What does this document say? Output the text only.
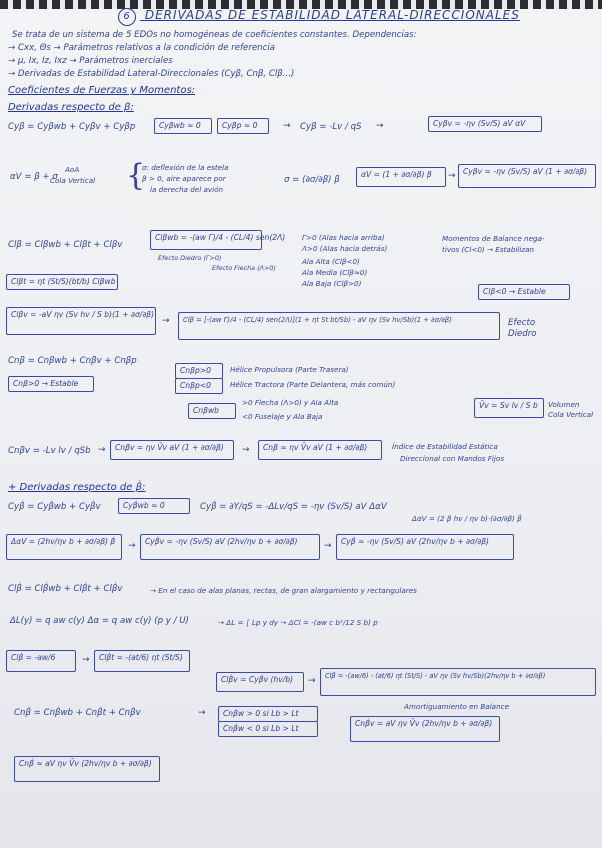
6 DERIVADAS DE ESTABILIDAD LATERAL-DIRECCIONALES
Se trata de un sistema de 5 EDOs no homogéneas de coeficientes constantes. Dependencias:
→ Cxx, Θs → Parámetros relativos a la condición de referencia
→ μ, Ix, Iz, Ixz → Parámetros inerciales
→ Derivadas de Estabilidad Lateral-Direccionales (Cyβ, Cnβ, Clβ...)
Coeficientes de Fuerzas y Momentos:
Derivadas respecto de β:
Cyβ = Cyβwb + Cyβv + Cyβp	Cyβwb ≈ 0	Cyβp ≈ 0	→ Cyβ = -Lv / qS →	Cyβv = -ηv (Sv/S) aV αV
αV = β + σ
AoA
Cola Vertical {
σ: deflexión de la estela
β > 0, aire aparece por
la derecha del avión
σ = (∂σ/∂β) β
αV = (1 + ∂σ/∂β) β	→ Cyβv = -ηv (Sv/S) aV (1 + ∂σ/∂β)
Clβ = Clβwb + Clβt + Clβv
Clβwb = -(aw Γ)/4 - (CL/4) sen(2Λ)
Efecto Diedro (Γ>0)
Efecto Flecha (Λ>0)
Γ>0 (Alas hacia arriba)
Λ>0 (Alas hacia detrás)
Ala Alta (Clβ<0)
Ala Media (Clβ≈0)
Ala Baja (Clβ>0)
Momentos de Balance nega-
tivos (Cl<0) → Estabilizan
Clβ<0 → Estable
Clβt = ηt (St/S)(bt/b) Clβwb
Clβv = -aV ηv (Sv hv / S b)(1 + ∂σ/∂β)
→	Clβ = [-(aw Γ)/4 - (CL/4) sen(2Λ)](1 + ηt St bt/Sb) - aV ηv (Sv hv/Sb)(1 + ∂σ/∂β)	Efecto Diedro
Cnβ = Cnβwb + Cnβv + Cnβp
Cnβ>0 → Estable
Cnβp>0
Cnβp<0
Hélice Propulsora (Parte Trasera)
Hélice Tractora (Parte Delantera, más común)
Cnβwb
>0 Flecha (Λ>0) y Ala Alta
<0 Fuselaje y Ala Baja
V̄v = Sv lv / S b	Volumen
Cola Vertical
Cnβv = -Lv lv / qSb →	Cnβv = ηv V̄v aV (1 + ∂σ/∂β)	→	Cnβ ≈ ηv V̄v aV (1 + ∂σ/∂β)	Índice de Estabilidad Estática
Direccional con Mandos Fijos
+ Derivadas respecto de β̇:
Cyβ̇ = Cyβ̇wb + Cyβ̇v	Cyβ̇wb ≈ 0	Cyβ̇ = ∂Y/qS = -ΔLv/qS = -ηv (Sv/S) aV ΔαV
ΔαV = (2 β hv / ηv b)·(∂σ/∂β) β̇
ΔαV = (2hv/ηv b + ∂σ/∂β) β̇	→	Cyβ̇v = -ηv (Sv/S) aV (2hv/ηv b + ∂σ/∂β)	→	Cyβ̇ ≈ -ηv (Sv/S) aV (2hv/ηv b + ∂σ/∂β)
Clβ̇ = Clβ̇wb + Clβ̇t + Clβ̇v	→ En el caso de alas planas, rectas, de gran alargamiento y rectangulares
ΔL(y) = q aw c(y) Δα = q aw c(y) (p y / U)	→ ΔL = ∫ Lp y dy → ΔCl = -(aw c b²/12 S b) p
Clβ̇ = -aw/6	→	Clβ̇t = -(at/6) ηt (St/S)
Clβ̇v = Cyβ̇v (hv/b)	→	Clβ̇ = -(aw/6) - (at/6) ηt (St/S) - aV ηv (Sv hv/Sb)(2hv/ηv b + ∂σ/∂β)
Cnβ̇ = Cnβ̇wb + Cnβ̇t + Cnβ̇v	→	Cnβ̇w > 0 si Lb > Lt
Cnβ̇w < 0 si Lb > Lt
Amortiguamiento en Balance
Cnβ̇v = aV ηv V̄v (2hv/ηv b + ∂σ/∂β)
Cnβ̇ ≈ aV ηv V̄v (2hv/ηv b + ∂σ/∂β)
